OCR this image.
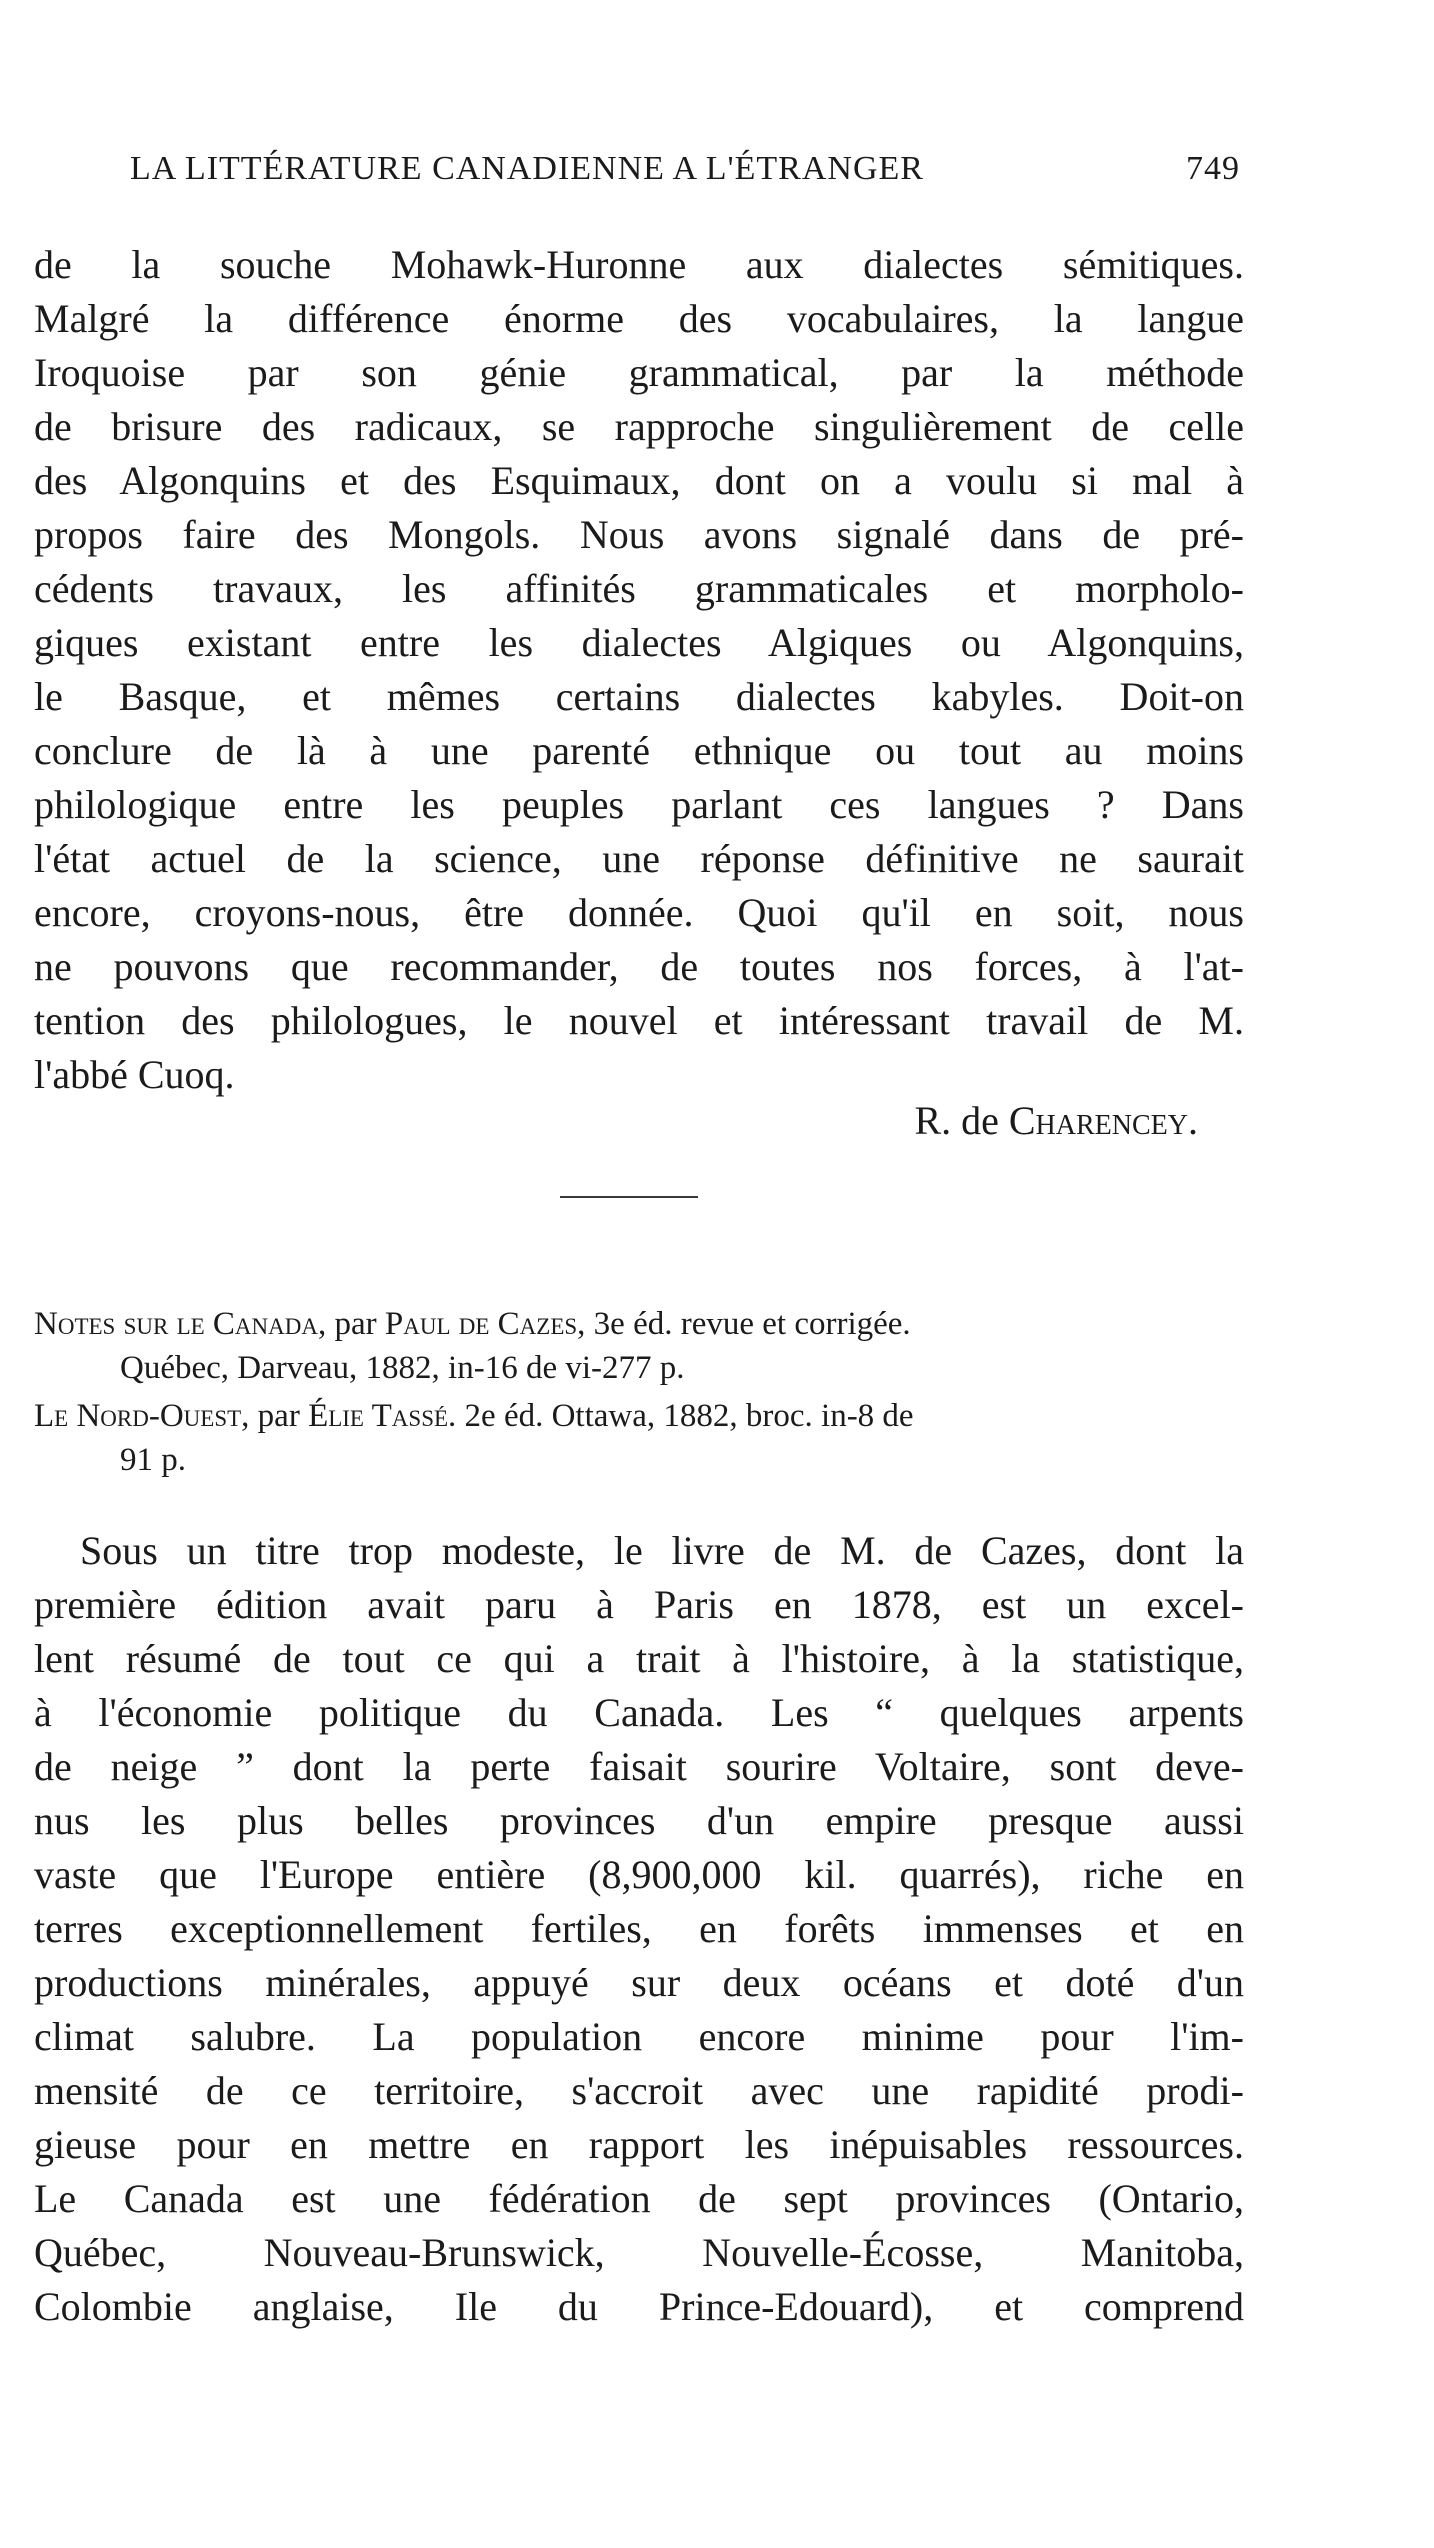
LA LITTÉRATURE CANADIENNE A L'ÉTRANGER	749
de la souche Mohawk-Huronne aux dialectes sémitiques.
Malgré la différence énorme des vocabulaires, la langue
Iroquoise par son génie grammatical, par la méthode
de brisure des radicaux, se rapproche singulièrement de celle
des Algonquins et des Esquimaux, dont on a voulu si mal à
propos faire des Mongols. Nous avons signalé dans de pré-
cédents travaux, les affinités grammaticales et morpholo-
giques existant entre les dialectes Algiques ou Algonquins,
le Basque, et mêmes certains dialectes kabyles. Doit-on
conclure de là à une parenté ethnique ou tout au moins
philologique entre les peuples parlant ces langues ? Dans
l'état actuel de la science, une réponse définitive ne saurait
encore, croyons-nous, être donnée. Quoi qu'il en soit, nous
ne pouvons que recommander, de toutes nos forces, à l'at-
tention des philologues, le nouvel et intéressant travail de M.
l'abbé Cuoq.
R. de Charencey.
Notes sur le Canada, par Paul de Cazes, 3e éd. revue et corrigée.
Québec, Darveau, 1882, in-16 de vi-277 p.
Le Nord-Ouest, par Élie Tassé. 2e éd. Ottawa, 1882, broc. in-8 de
91 p.
Sous un titre trop modeste, le livre de M. de Cazes, dont la
première édition avait paru à Paris en 1878, est un excel-
lent résumé de tout ce qui a trait à l'histoire, à la statistique,
à l'économie politique du Canada. Les “ quelques arpents
de neige ” dont la perte faisait sourire Voltaire, sont deve-
nus les plus belles provinces d'un empire presque aussi
vaste que l'Europe entière (8,900,000 kil. quarrés), riche en
terres exceptionnellement fertiles, en forêts immenses et en
productions minérales, appuyé sur deux océans et doté d'un
climat salubre. La population encore minime pour l'im-
mensité de ce territoire, s'accroit avec une rapidité prodi-
gieuse pour en mettre en rapport les inépuisables ressources.
Le Canada est une fédération de sept provinces (Ontario,
Québec, Nouveau-Brunswick, Nouvelle-Écosse, Manitoba,
Colombie anglaise, Ile du Prince-Edouard), et comprend
